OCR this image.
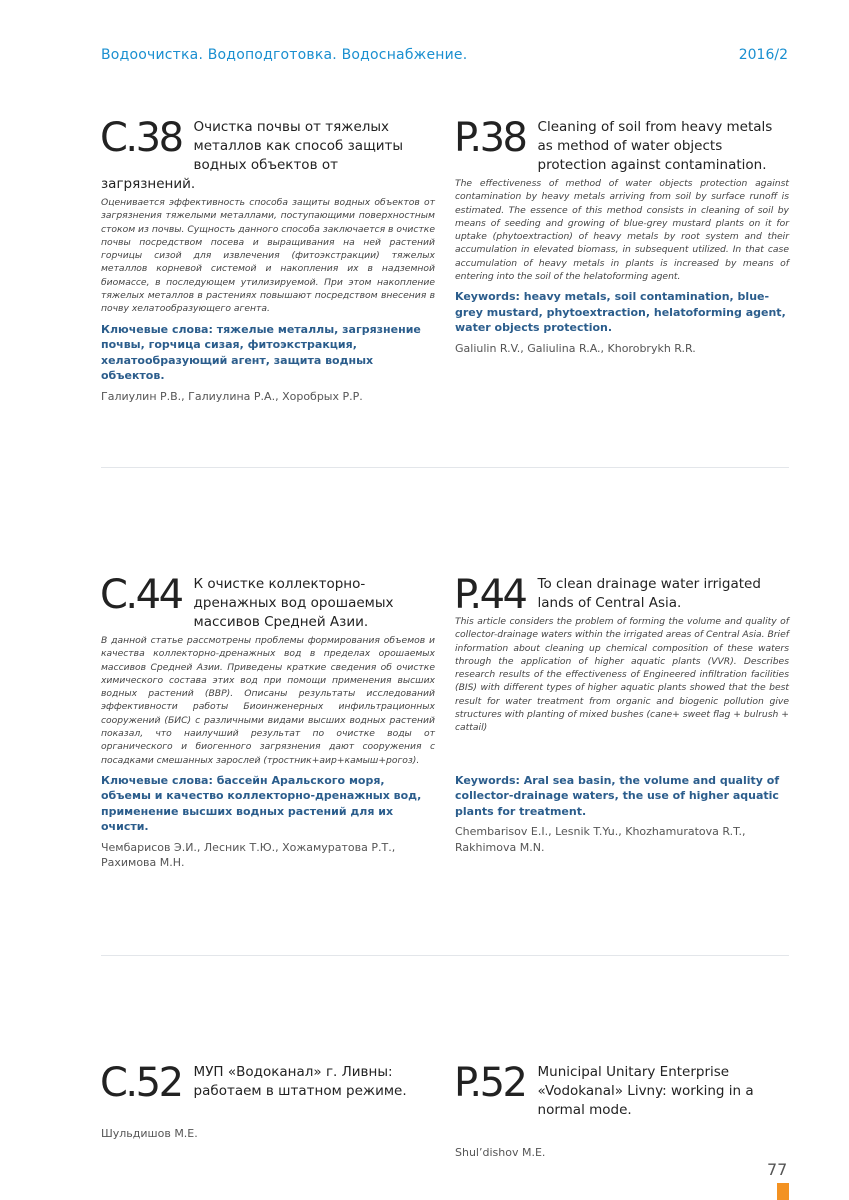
Водоочистка. Водоподготовка. Водоснабжение.	2016/2
C.38 Очистка почвы от тяжелых металлов как способ защиты водных объектов от загрязнений.
Оценивается эффективность способа защиты водных объектов от загрязнения тяжелыми металлами, поступающими поверхностным стоком из почвы. Сущность данного способа заключается в очистке почвы посредством посева и выращивания на ней растений горчицы сизой для извлечения (фитоэкстракции) тяжелых металлов корневой системой и накопления их в надземной биомассе, в последующем утилизируемой. При этом накопление тяжелых металлов в растениях повышают посредством внесения в почву хелатообразующего агента.
Ключевые слова: тяжелые металлы, загрязнение почвы, горчица сизая, фитоэкстракция, хелатообразующий агент, защита водных объектов.
Галиулин Р.В., Галиулина Р.А., Хоробрых Р.Р.
P.38 Cleaning of soil from heavy metals as method of water objects protection against contamination.
The effectiveness of method of water objects protection against contamination by heavy metals arriving from soil by surface runoff is estimated. The essence of this method consists in cleaning of soil by means of seeding and growing of blue-grey mustard plants on it for uptake (phytoextraction) of heavy metals by root system and their accumulation in elevated biomass, in subsequent utilized. In that case accumulation of heavy metals in plants is increased by means of entering into the soil of the helatoforming agent.
Keywords: heavy metals, soil contamination, blue-grey mustard, phytoextraction, helatoforming agent, water objects protection.
Galiulin R.V., Galiulina R.A., Khorobrykh R.R.
C.44 К очистке коллекторно-дренажных вод орошаемых массивов Средней Азии.
В данной статье рассмотрены проблемы формирования объемов и качества коллекторно-дренажных вод в пределах орошаемых массивов Средней Азии. Приведены краткие сведения об очистке химического состава этих вод при помощи применения высших водных растений (ВВР). Описаны результаты исследований эффективности работы Биоинженерных инфильтрационных сооружений (БИС) с различными видами высших водных растений показал, что наилучший результат по очистке воды от органического и биогенного загрязнения дают сооружения с посадками смешанных зарослей (тростник+аир+камыш+рогоз).
Ключевые слова: бассейн Аральского моря, объемы и качество коллекторно-дренажных вод, применение высших водных растений для их очисти.
Чембарисов Э.И., Лесник Т.Ю., Хожамуратова Р.Т., Рахимова М.Н.
P.44 To clean drainage water irrigated lands of Central Asia.
This article considers the problem of forming the volume and quality of collector-drainage waters within the irrigated areas of Central Asia. Brief information about cleaning up chemical composition of these waters through the application of higher aquatic plants (VVR). Describes research results of the effectiveness of Engineered infiltration facilities (BIS) with different types of higher aquatic plants showed that the best result for water treatment from organic and biogenic pollution give structures with planting of mixed bushes (cane+ sweet flag + bulrush + cattail)
Keywords: Aral sea basin, the volume and quality of collector-drainage waters, the use of higher aquatic plants for treatment.
Chembarisov E.I., Lesnik T.Yu., Khozhamuratova R.T., Rakhimova M.N.
C.52 МУП «Водоканал» г. Ливны: работаем в штатном режиме.
Шульдишов М.Е.
P.52 Municipal Unitary Enterprise «Vodokanal» Livny: working in a normal mode.
Shul’dishov M.E.
77
